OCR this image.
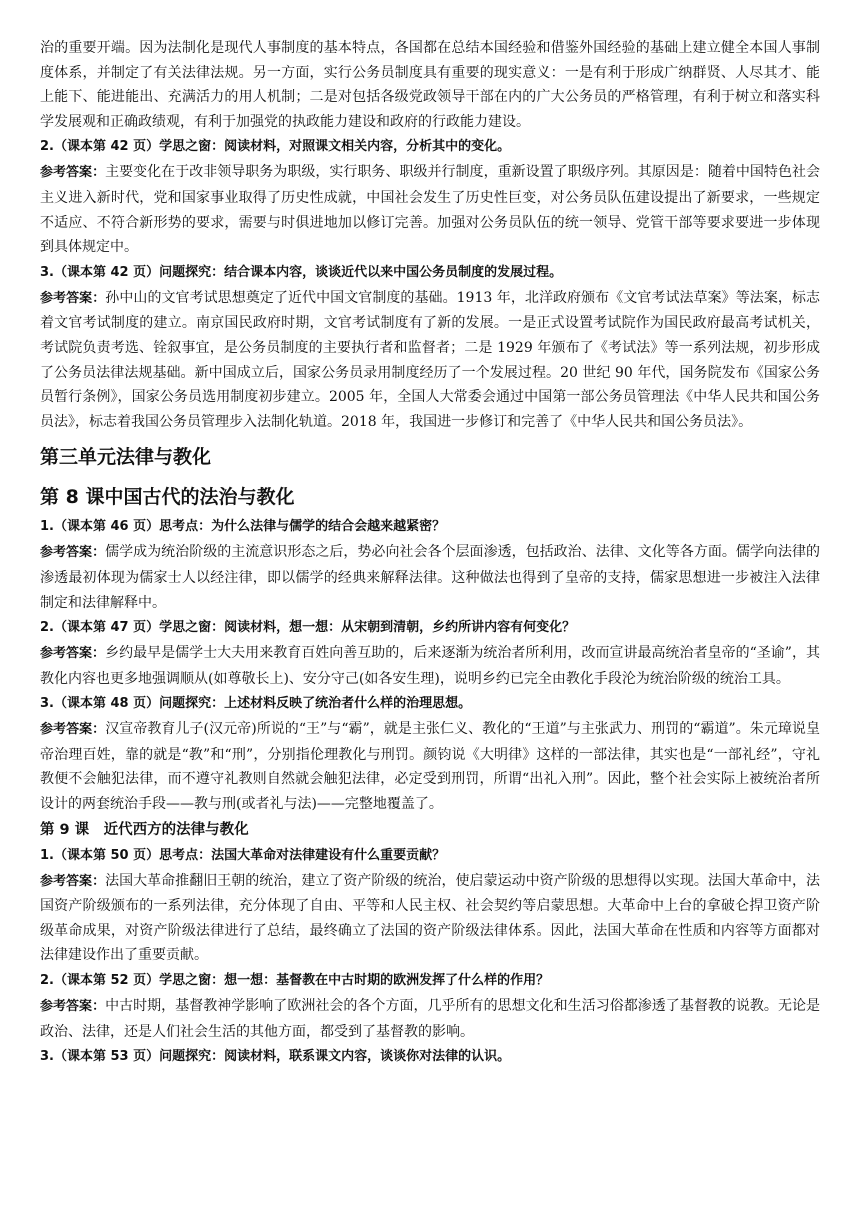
治的重要开端。因为法制化是现代人事制度的基本特点，各国都在总结本国经验和借鉴外国经验的基础上建立健全本国人事制度体系，并制定了有关法律法规。另一方面，实行公务员制度具有重要的现实意义：一是有利于形成广纳群贤、人尽其才、能上能下、能进能出、充满活力的用人机制；二是对包括各级党政领导干部在内的广大公务员的严格管理，有利于树立和落实科学发展观和正确政绩观，有利于加强党的执政能力建设和政府的行政能力建设。

2.（课本第 42 页）学思之窗：阅读材料，对照课文相关内容，分析其中的变化。

参考答案：主要变化在于改非领导职务为职级，实行职务、职级并行制度，重新设置了职级序列。其原因是：随着中国特色社会主义进入新时代，党和国家事业取得了历史性成就，中国社会发生了历史性巨变，对公务员队伍建设提出了新要求，一些规定不适应、不符合新形势的要求，需要与时俱进地加以修订完善。加强对公务员队伍的统一领导、党管干部等要求要进一步体现到具体规定中。

3.（课本第 42 页）问题探究：结合课本内容，谈谈近代以来中国公务员制度的发展过程。

参考答案：孙中山的文官考试思想奠定了近代中国文官制度的基础。1913 年，北洋政府颁布《文官考试法草案》等法案，标志着文官考试制度的建立。南京国民政府时期，文官考试制度有了新的发展。一是正式设置考试院作为国民政府最高考试机关，考试院负责考选、铨叙事宜，是公务员制度的主要执行者和监督者；二是 1929 年颁布了《考试法》等一系列法规，初步形成了公务员法律法规基础。新中国成立后，国家公务员录用制度经历了一个发展过程。20 世纪 90 年代，国务院发布《国家公务员暂行条例》，国家公务员选用制度初步建立。2005 年，全国人大常委会通过中国第一部公务员管理法《中华人民共和国公务员法》，标志着我国公务员管理步入法制化轨道。2018 年，我国进一步修订和完善了《中华人民共和国公务员法》。

第三单元法律与教化
第 8 课中国古代的法治与教化

1.（课本第 46 页）思考点：为什么法律与儒学的结合会越来越紧密？

参考答案：儒学成为统治阶级的主流意识形态之后，势必向社会各个层面渗透，包括政治、法律、文化等各方面。儒学向法律的渗透最初体现为儒家士人以经注律，即以儒学的经典来解释法律。这种做法也得到了皇帝的支持，儒家思想进一步被注入法律制定和法律解释中。

2.（课本第 47 页）学思之窗：阅读材料，想一想：从宋朝到清朝，乡约所讲内容有何变化？

参考答案：乡约最早是儒学士大夫用来教育百姓向善互助的，后来逐渐为统治者所利用，改而宣讲最高统治者皇帝的“圣谕”，其教化内容也更多地强调顺从(如尊敬长上)、安分守己(如各安生理)，说明乡约已完全由教化手段沦为统治阶级的统治工具。

3.（课本第 48 页）问题探究：上述材料反映了统治者什么样的治理思想。

参考答案：汉宣帝教育儿子(汉元帝)所说的“王”与“霸”，就是主张仁义、教化的“王道”与主张武力、刑罚的“霸道”。朱元璋说皇帝治理百姓，靠的就是“教”和“刑”，分别指伦理教化与刑罚。颜钧说《大明律》这样的一部法律，其实也是“一部礼经”，守礼教便不会触犯法律，而不遵守礼教则自然就会触犯法律，必定受到刑罚，所谓“出礼入刑”。因此，整个社会实际上被统治者所设计的两套统治手段——教与刑(或者礼与法)——完整地覆盖了。

第 9 课　近代西方的法律与教化

1.（课本第 50 页）思考点：法国大革命对法律建设有什么重要贡献？

参考答案：法国大革命推翻旧王朝的统治，建立了资产阶级的统治，使启蒙运动中资产阶级的思想得以实现。法国大革命中，法国资产阶级颁布的一系列法律，充分体现了自由、平等和人民主权、社会契约等启蒙思想。大革命中上台的拿破仑捍卫资产阶级革命成果，对资产阶级法律进行了总结，最终确立了法国的资产阶级法律体系。因此，法国大革命在性质和内容等方面都对法律建设作出了重要贡献。

2.（课本第 52 页）学思之窗：想一想：基督教在中古时期的欧洲发挥了什么样的作用？

参考答案：中古时期，基督教神学影响了欧洲社会的各个方面，几乎所有的思想文化和生活习俗都渗透了基督教的说教。无论是政治、法律，还是人们社会生活的其他方面，都受到了基督教的影响。

3.（课本第 53 页）问题探究：阅读材料，联系课文内容，谈谈你对法律的认识。
